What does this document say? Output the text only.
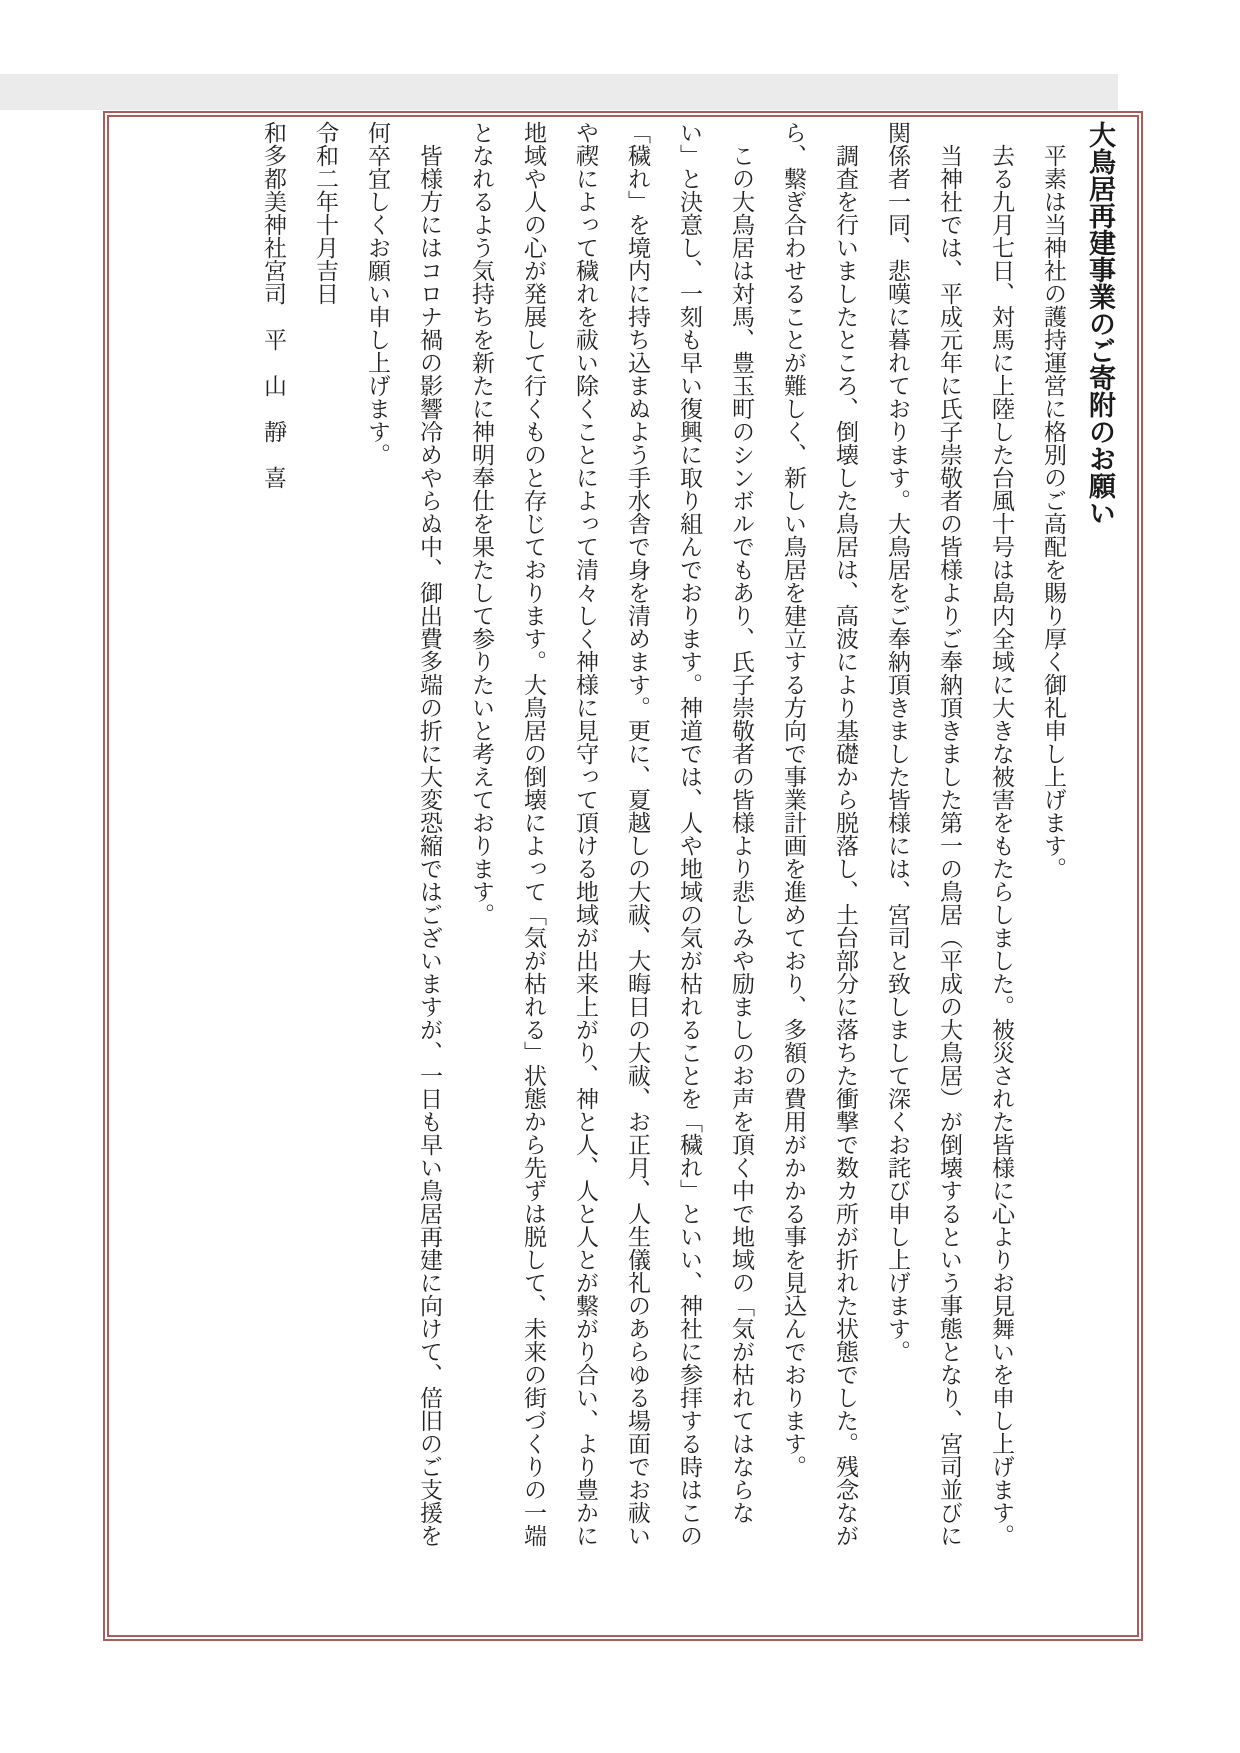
大鳥居再建事業のご寄附のお願い

平素は当神社の護持運営に格別のご高配を賜り厚く御礼申し上げます。

去る九月七日、対馬に上陸した台風十号は島内全域に大きな被害をもたらしました。被災された皆様に心よりお見舞いを申し上げます。

当神社では、平成元年に氏子崇敬者の皆様よりご奉納頂きました第一の鳥居（平成の大鳥居）が倒壊するという事態となり、宮司並びに関係者一同、悲嘆に暮れております。大鳥居をご奉納頂きました皆様には、宮司と致しまして深くお詫び申し上げます。

調査を行いましたところ、倒壊した鳥居は、高波により基礎から脱落し、土台部分に落ちた衝撃で数カ所が折れた状態でした。残念ながら、繋ぎ合わせることが難しく、新しい鳥居を建立する方向で事業計画を進めており、多額の費用がかかる事を見込んでおります。

この大鳥居は対馬、豊玉町のシンボルでもあり、氏子崇敬者の皆様より悲しみや励ましのお声を頂く中で地域の「気が枯れてはならない」と決意し、一刻も早い復興に取り組んでおります。神道では、人や地域の気が枯れることを「穢れ」といい、神社に参拝する時はこの「穢れ」を境内に持ち込まぬよう手水舎で身を清めます。更に、夏越しの大祓、大晦日の大祓、お正月、人生儀礼のあらゆる場面でお祓いや禊によって穢れを祓い除くことによって清々しく神様に見守って頂ける地域が出来上がり、神と人、人と人とが繋がり合い、より豊かに地域や人の心が発展して行くものと存じております。大鳥居の倒壊によって「気が枯れる」状態から先ずは脱して、未来の街づくりの一端となれるよう気持ちを新たに神明奉仕を果たして参りたいと考えております。

皆様方にはコロナ禍の影響冷めやらぬ中、御出費多端の折に大変恐縮ではございますが、一日も早い鳥居再建に向けて、倍旧のご支援を何卒宜しくお願い申し上げます。

令和二年十月吉日

和多都美神社宮司　平　山　靜　喜
